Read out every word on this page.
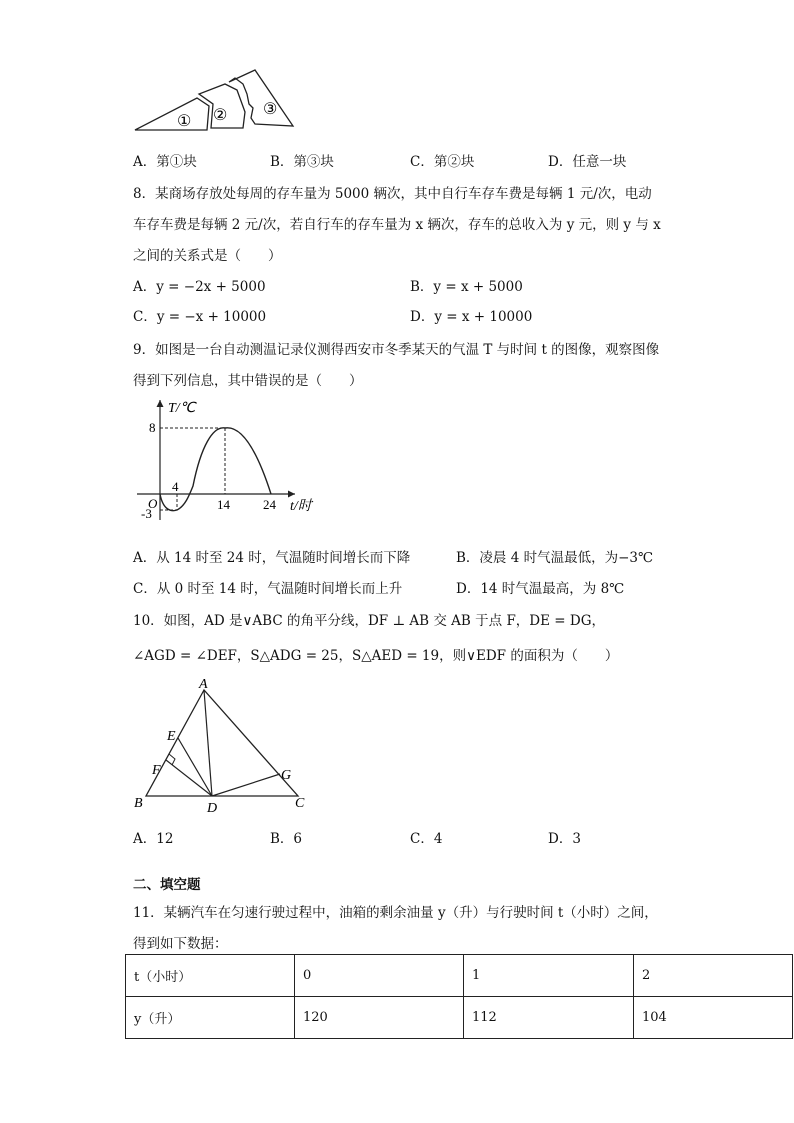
① ② ③
A．第①块	B．第③块	C．第②块	D．任意一块
8．某商场存放处每周的存车量为 5000 辆次，其中自行车存车费是每辆 1 元/次，电动
车存车费是每辆 2 元/次，若自行车的存车量为 x 辆次，存车的总收入为 y 元，则 y 与 x
之间的关系式是（　　）
A．y = −2x + 5000	B．y = x + 5000
C．y = −x + 10000	D．y = x + 10000
9．如图是一台自动测温记录仪测得西安市冬季某天的气温 T 与时间 t 的图像，观察图像
得到下列信息，其中错误的是（　　）
T/℃
t/时
O
8
4
-3
14	24
A．从 14 时至 24 时，气温随时间增长而下降	B．凌晨 4 时气温最低，为−3℃
C．从 0 时至 14 时，气温随时间增长而上升	D．14 时气温最高，为 8℃
10．如图，AD 是∨ABC 的角平分线，DF ⊥ AB 交 AB 于点 F，DE = DG，
∠AGD = ∠DEF，S△ADG = 25，S△AED = 19，则∨EDF 的面积为（　　）
A
E
F
B	D
G
C
A．12	B．6	C．4	D．3
二、填空题
11．某辆汽车在匀速行驶过程中，油箱的剩余油量 y（升）与行驶时间 t（小时）之间，
得到如下数据：
t（小时）	0	1	2
y（升）	120	112	104
